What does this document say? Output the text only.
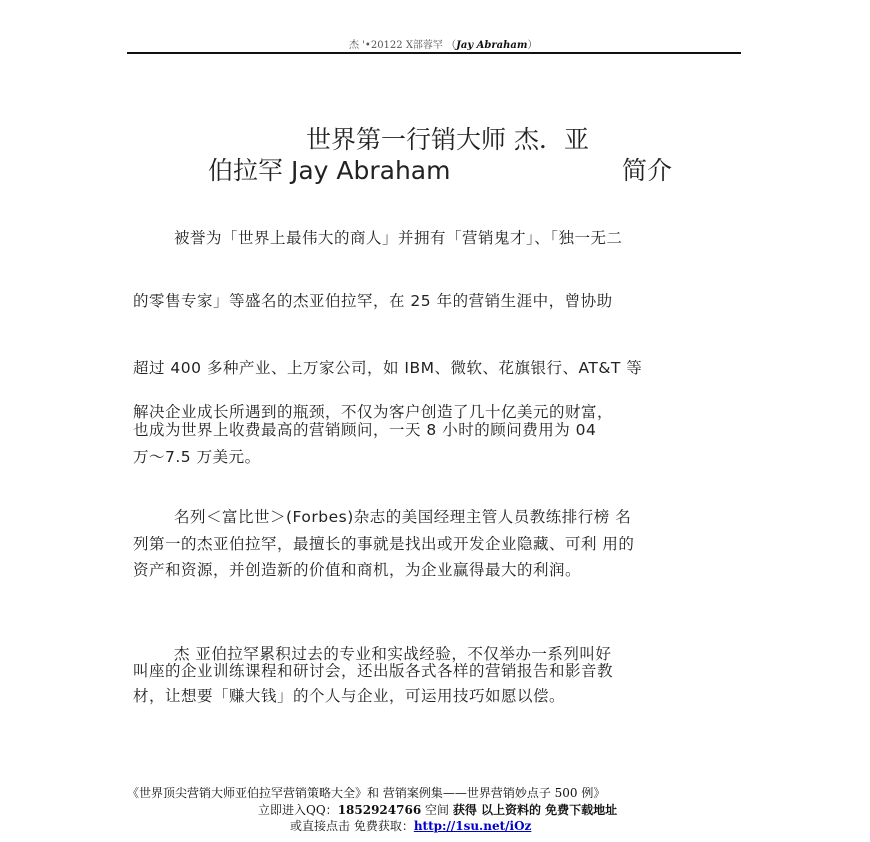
杰 '•20122 X部蓉罕 （Jay Abraham）
世界第一行销大师 杰．亚
伯拉罕 Jay Abraham	简介
被誉为「世界上最伟大的商人」并拥有「营销鬼才」、「独一无二
的零售专家」等盛名的杰亚伯拉罕，在 25 年的营销生涯中，曾协助
超过 400 多种产业、上万家公司，如 IBM、微软、花旗银行、AT&T 等
解决企业成长所遇到的瓶颈，不仅为客户创造了几十亿美元的财富，
也成为世界上收费最高的营销顾问，一天 8 小时的顾问费用为 04
万～7.5 万美元。
名列＜富比世＞(Forbes)杂志的美国经理主管人员教练排行榜 名
列第一的杰亚伯拉罕，最擅长的事就是找出或开发企业隐藏、可利 用的
资产和资源，并创造新的价值和商机，为企业赢得最大的利润。
杰 亚伯拉罕累积过去的专业和实战经验，不仅举办一系列叫好
叫座的企业训练课程和研讨会，还出版各式各样的营销报告和影音教
材，让想要「赚大钱」的个人与企业，可运用技巧如愿以偿。
《世界顶尖营销大师亚伯拉罕营销策略大全》和 营销案例集——世界营销妙点子 500 例》
立即进入QQ：1852924766 空间 获得 以上资料的 免费下载地址
或直接点击 免费获取：http://1su.net/iOz
